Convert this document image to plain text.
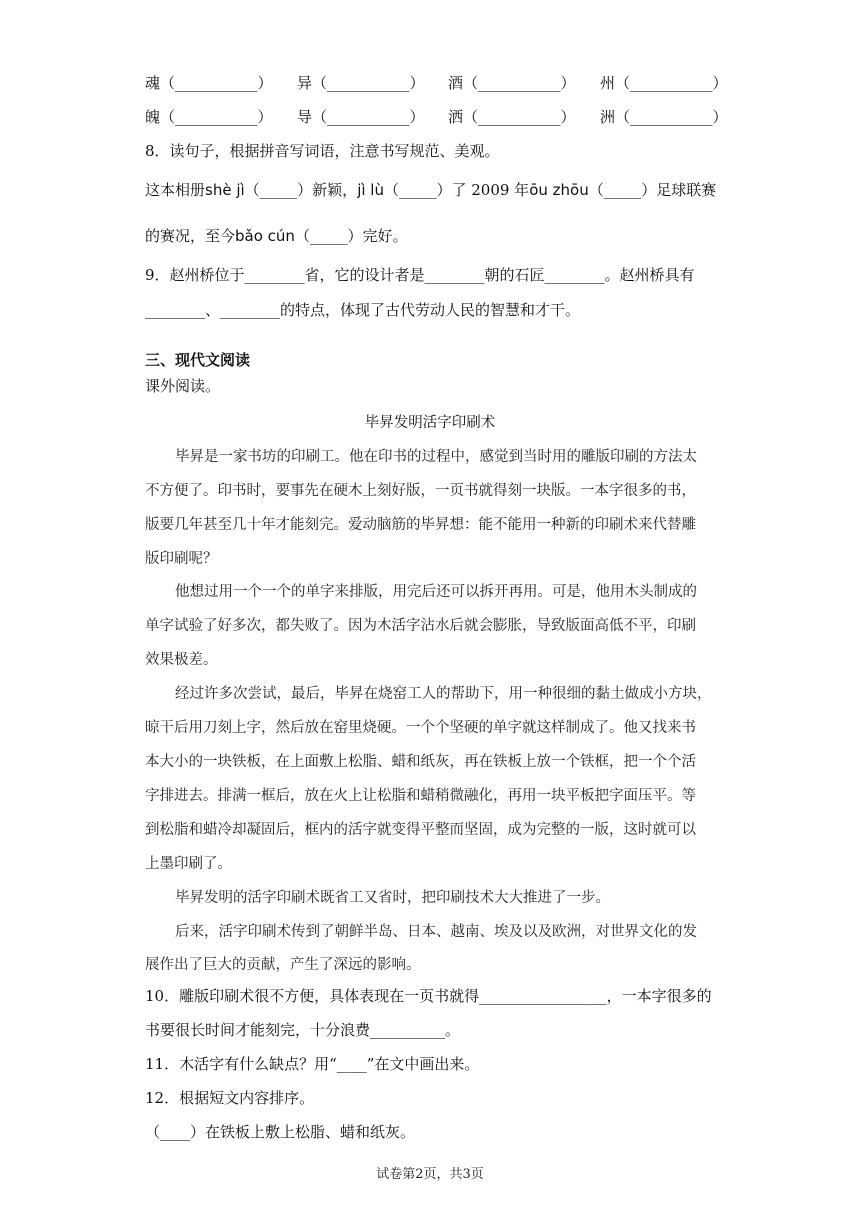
魂（___________） 异（___________） 酒（___________） 州（___________）
魄（___________） 导（___________） 洒（___________） 洲（___________）
8．读句子，根据拼音写词语，注意书写规范、美观。
这本相册shè jì（_____）新颖，jì lù（_____）了 2009 年ōu zhōu（_____）足球联赛
的赛况，至今bǎo cún（_____）完好。
9．赵州桥位于________省，它的设计者是________朝的石匠________。赵州桥具有
________、________的特点，体现了古代劳动人民的智慧和才干。
三、现代文阅读
课外阅读。
毕昇发明活字印刷术
毕昇是一家书坊的印刷工。他在印书的过程中，感觉到当时用的雕版印刷的方法太
不方便了。印书时，要事先在硬木上刻好版，一页书就得刻一块版。一本字很多的书，
版要几年甚至几十年才能刻完。爱动脑筋的毕昇想：能不能用一种新的印刷术来代替雕
版印刷呢？
他想过用一个一个的单字来排版，用完后还可以拆开再用。可是，他用木头制成的
单字试验了好多次，都失败了。因为木活字沾水后就会膨胀，导致版面高低不平，印刷
效果极差。
经过许多次尝试，最后，毕昇在烧窑工人的帮助下，用一种很细的黏土做成小方块，
晾干后用刀刻上字，然后放在窑里烧硬。一个个坚硬的单字就这样制成了。他又找来书
本大小的一块铁板，在上面敷上松脂、蜡和纸灰，再在铁板上放一个铁框，把一个个活
字排进去。排满一框后，放在火上让松脂和蜡稍微融化，再用一块平板把字面压平。等
到松脂和蜡冷却凝固后，框内的活字就变得平整而坚固，成为完整的一版，这时就可以
上墨印刷了。
毕昇发明的活字印刷术既省工又省时，把印刷技术大大推进了一步。
后来，活字印刷术传到了朝鲜半岛、日本、越南、埃及以及欧洲，对世界文化的发
展作出了巨大的贡献，产生了深远的影响。
10．雕版印刷术很不方便，具体表现在一页书就得_________________，一本字很多的
书要很长时间才能刻完，十分浪费__________。
11．木活字有什么缺点？用“____”在文中画出来。
12．根据短文内容排序。
（____）在铁板上敷上松脂、蜡和纸灰。
试卷第2页，共3页
